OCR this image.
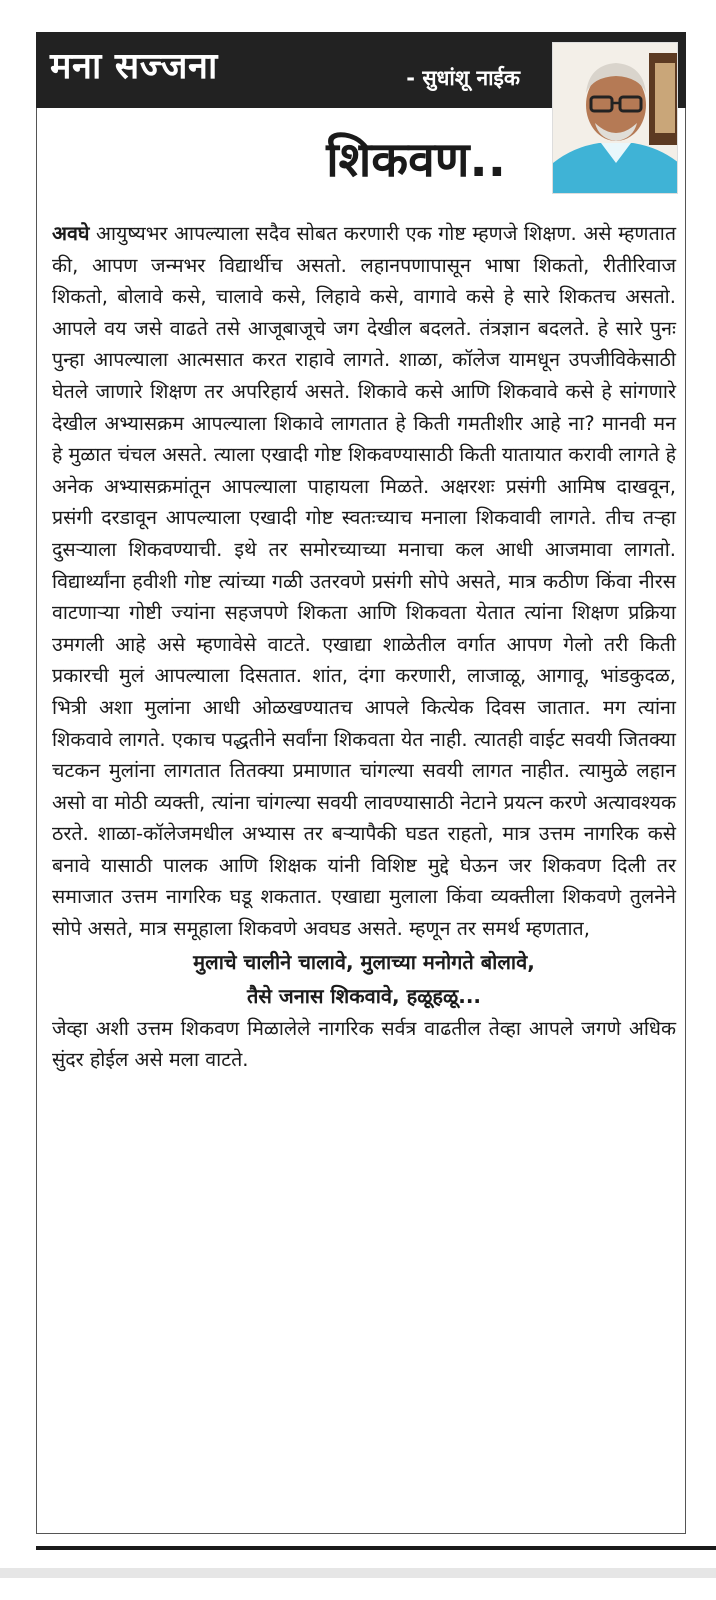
मना सज्जना	- सुधांशू नाईक
शिकवण..

अवघे आयुष्यभर आपल्याला सदैव सोबत करणारी एक गोष्ट म्हणजे शिक्षण. असे म्हणतात की, आपण जन्मभर विद्यार्थीच असतो. लहानपणापासून भाषा शिकतो, रीतीरिवाज शिकतो, बोलावे कसे, चालावे कसे, लिहावे कसे, वागावे कसे हे सारे शिकतच असतो. आपले वय जसे वाढते तसे आजूबाजूचे जग देखील बदलते. तंत्रज्ञान बदलते. हे सारे पुनः पुन्हा आपल्याला आत्मसात करत राहावे लागते. शाळा, कॉलेज यामधून उपजीविकेसाठी घेतले जाणारे शिक्षण तर अपरिहार्य असते. शिकावे कसे आणि शिकवावे कसे हे सांगणारे देखील अभ्यासक्रम आपल्याला शिकावे लागतात हे किती गमतीशीर आहे ना? मानवी मन हे मुळात चंचल असते. त्याला एखादी गोष्ट शिकवण्यासाठी किती यातायात करावी लागते हे अनेक अभ्यासक्रमांतून आपल्याला पाहायला मिळते. अक्षरशः प्रसंगी आमिष दाखवून, प्रसंगी दरडावून आपल्याला एखादी गोष्ट स्वतःच्याच मनाला शिकवावी लागते. तीच तऱ्हा दुसऱ्याला शिकवण्याची. इथे तर समोरच्याच्या मनाचा कल आधी आजमावा लागतो. विद्यार्थ्यांना हवीशी गोष्ट त्यांच्या गळी उतरवणे प्रसंगी सोपे असते, मात्र कठीण किंवा नीरस वाटणाऱ्या गोष्टी ज्यांना सहजपणे शिकता आणि शिकवता येतात त्यांना शिक्षण प्रक्रिया उमगली आहे असे म्हणावेसे वाटते. एखाद्या शाळेतील वर्गात आपण गेलो तरी किती प्रकारची मुलं आपल्याला दिसतात. शांत, दंगा करणारी, लाजाळू, आगावू, भांडकुदळ, भित्री अशा मुलांना आधी ओळखण्यातच आपले कित्येक दिवस जातात. मग त्यांना शिकवावे लागते. एकाच पद्धतीने सर्वांना शिकवता येत नाही. त्यातही वाईट सवयी जितक्या चटकन मुलांना लागतात तितक्या प्रमाणात चांगल्या सवयी लागत नाहीत. त्यामुळे लहान असो वा मोठी व्यक्ती, त्यांना चांगल्या सवयी लावण्यासाठी नेटाने प्रयत्न करणे अत्यावश्यक ठरते. शाळा-कॉलेजमधील अभ्यास तर बऱ्यापैकी घडत राहतो, मात्र उत्तम नागरिक कसे बनावे यासाठी पालक आणि शिक्षक यांनी विशिष्ट मुद्दे घेऊन जर शिकवण दिली तर समाजात उत्तम नागरिक घडू शकतात. एखाद्या मुलाला किंवा व्यक्तीला शिकवणे तुलनेने सोपे असते, मात्र समूहाला शिकवणे अवघड असते. म्हणून तर समर्थ म्हणतात,

मुलाचे चालीने चालावे, मुलाच्या मनोगते बोलावे,

तैसे जनास शिकवावे, हळूहळू...

जेव्हा अशी उत्तम शिकवण मिळालेले नागरिक सर्वत्र वाढतील तेव्हा आपले जगणे अधिक सुंदर होईल असे मला वाटते.
